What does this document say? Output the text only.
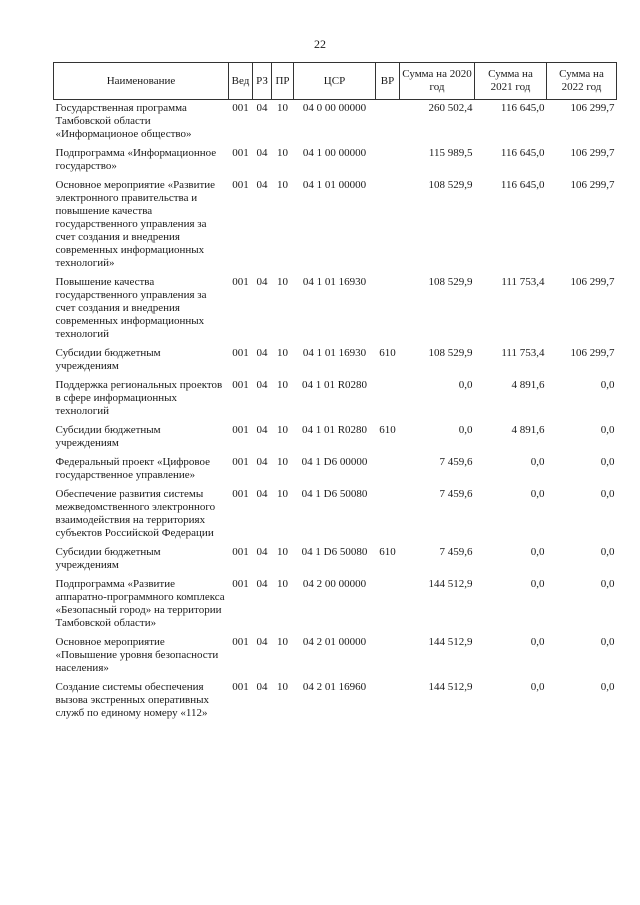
22
Наименование	Вед	РЗ	ПР	ЦСР	ВР	Сумма на 2020 год	Сумма на 2021 год	Сумма на 2022 год
Государственная программа Тамбовской области «Информационое общество»	001	04	10	04 0 00 00000		260 502,4	116 645,0	106 299,7
Подпрограмма «Информационное государство»	001	04	10	04 1 00 00000		115 989,5	116 645,0	106 299,7
Основное мероприятие «Развитие электронного правительства и повышение качества государственного управления за счет создания и внедрения современных информационных технологий»	001	04	10	04 1 01 00000		108 529,9	116 645,0	106 299,7
Повышение качества государственного управления за счет создания и внедрения современных информационных технологий	001	04	10	04 1 01 16930		108 529,9	111 753,4	106 299,7
Субсидии бюджетным учреждениям	001	04	10	04 1 01 16930	610	108 529,9	111 753,4	106 299,7
Поддержка региональных проектов в сфере информационных технологий	001	04	10	04 1 01 R0280		0,0	4 891,6	0,0
Субсидии бюджетным учреждениям	001	04	10	04 1 01 R0280	610	0,0	4 891,6	0,0
Федеральный проект «Цифровое государственное управление»	001	04	10	04 1 D6 00000		7 459,6	0,0	0,0
Обеспечение развития системы межведомственного электронного взаимодействия на территориях субъектов Российской Федерации	001	04	10	04 1 D6 50080		7 459,6	0,0	0,0
Субсидии бюджетным учреждениям	001	04	10	04 1 D6 50080	610	7 459,6	0,0	0,0
Подпрограмма «Развитие аппаратно-программного комплекса «Безопасный город» на территории Тамбовской области»	001	04	10	04 2 00 00000		144 512,9	0,0	0,0
Основное мероприятие «Повышение уровня безопасности населения»	001	04	10	04 2 01 00000		144 512,9	0,0	0,0
Создание системы обеспечения вызова экстренных оперативных служб по единому номеру «112»	001	04	10	04 2 01 16960		144 512,9	0,0	0,0
